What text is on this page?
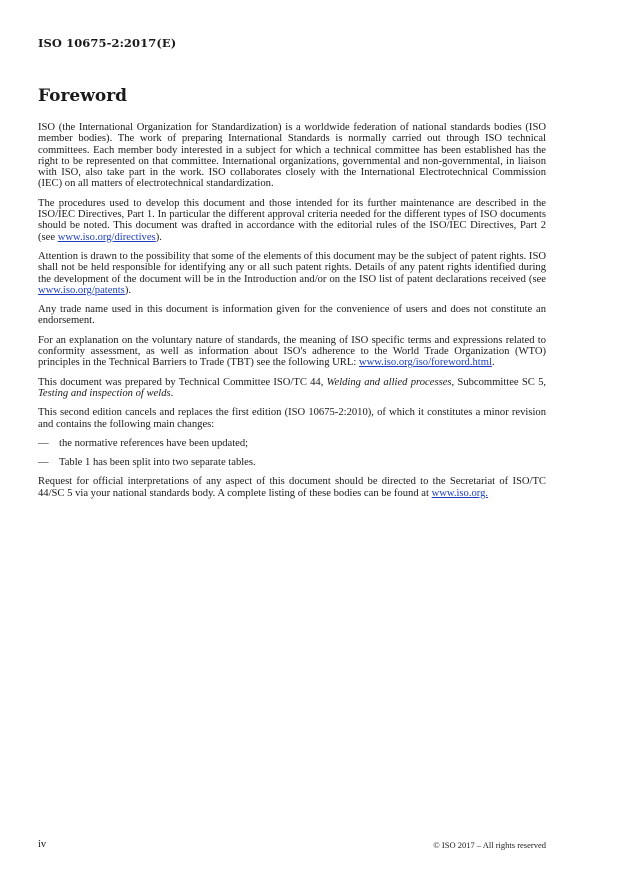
ISO 10675-2:2017(E)
Foreword

ISO (the International Organization for Standardization) is a worldwide federation of national standards bodies (ISO member bodies). The work of preparing International Standards is normally carried out through ISO technical committees. Each member body interested in a subject for which a technical committee has been established has the right to be represented on that committee. International organizations, governmental and non-governmental, in liaison with ISO, also take part in the work. ISO collaborates closely with the International Electrotechnical Commission (IEC) on all matters of electrotechnical standardization.

The procedures used to develop this document and those intended for its further maintenance are described in the ISO/IEC Directives, Part 1. In particular the different approval criteria needed for the different types of ISO documents should be noted. This document was drafted in accordance with the editorial rules of the ISO/IEC Directives, Part 2 (see www.iso.org/directives).

Attention is drawn to the possibility that some of the elements of this document may be the subject of patent rights. ISO shall not be held responsible for identifying any or all such patent rights. Details of any patent rights identified during the development of the document will be in the Introduction and/or on the ISO list of patent declarations received (see www.iso.org/patents).

Any trade name used in this document is information given for the convenience of users and does not constitute an endorsement.

For an explanation on the voluntary nature of standards, the meaning of ISO specific terms and expressions related to conformity assessment, as well as information about ISO's adherence to the World Trade Organization (WTO) principles in the Technical Barriers to Trade (TBT) see the following URL: www.iso.org/iso/foreword.html.

This document was prepared by Technical Committee ISO/TC 44, Welding and allied processes, Subcommittee SC 5, Testing and inspection of welds.

This second edition cancels and replaces the first edition (ISO 10675-2:2010), of which it constitutes a minor revision and contains the following main changes:

— the normative references have been updated;
— Table 1 has been split into two separate tables.

Request for official interpretations of any aspect of this document should be directed to the Secretariat of ISO/TC 44/SC 5 via your national standards body. A complete listing of these bodies can be found at www.iso.org.

iv	© ISO 2017 – All rights reserved
